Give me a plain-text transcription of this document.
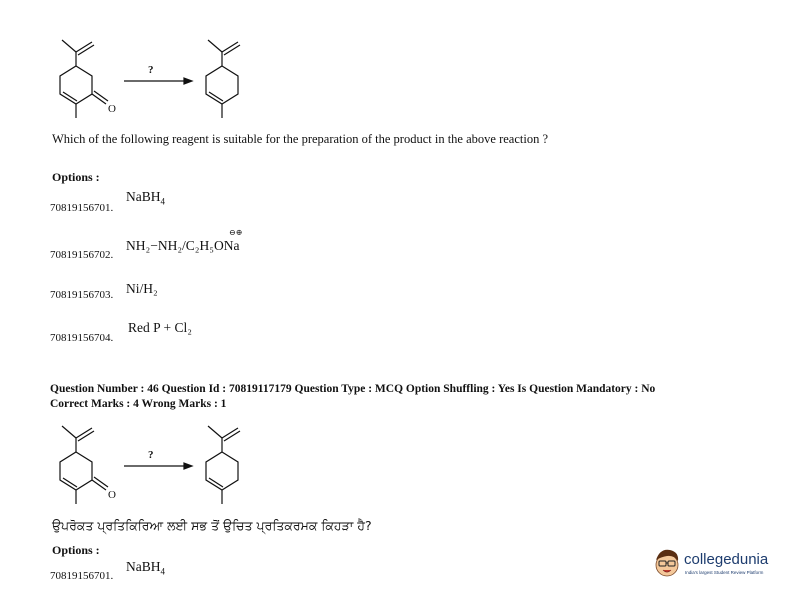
O
?
Which of the following reagent is suitable for the preparation of the product in the above reaction ?
Options :
NaBH$_4$
70819156701.
⊖⊕
NH₂−NH₂/C₂H₅ONa
70819156702.
Ni/H₂
70819156703.
Red P + Cl₂
70819156704.
Question Number : 46 Question Id : 70819117179 Question Type : MCQ Option Shuffling : Yes Is Question Mandatory : No
Correct Marks : 4 Wrong Marks : 1
O
?
ਉਪਰੋਕਤ ਪ੍ਰਤਿਕਿਰਿਆ ਲਈ ਸਭ ਤੋਂ ਉਚਿਤ ਪ੍ਰਤਿਕਰਮਕ ਕਿਹੜਾ ਹੈ?
Options :
NaBH$_4$
70819156701.
collegedunia
India's largest Student Review Platform
